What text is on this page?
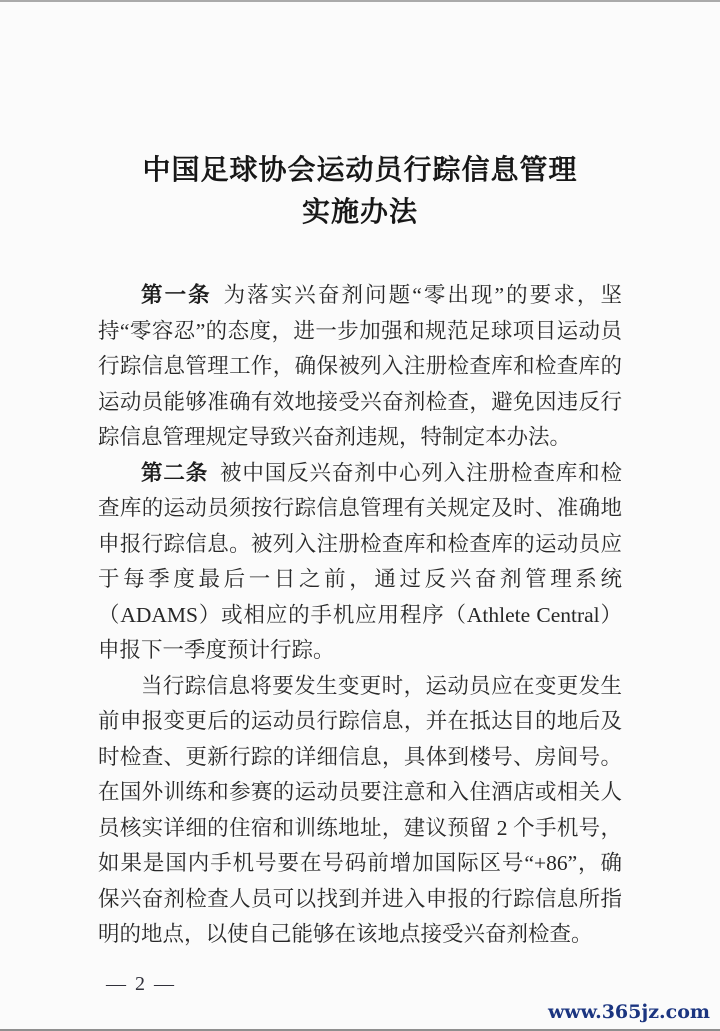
中国足球协会运动员行踪信息管理
实施办法

第一条 为落实兴奋剂问题“零出现”的要求，坚持“零容忍”的态度，进一步加强和规范足球项目运动员行踪信息管理工作，确保被列入注册检查库和检查库的运动员能够准确有效地接受兴奋剂检查，避免因违反行踪信息管理规定导致兴奋剂违规，特制定本办法。

第二条 被中国反兴奋剂中心列入注册检查库和检查库的运动员须按行踪信息管理有关规定及时、准确地申报行踪信息。被列入注册检查库和检查库的运动员应于每季度最后一日之前，通过反兴奋剂管理系统（ADAMS）或相应的手机应用程序（Athlete Central）申报下一季度预计行踪。

当行踪信息将要发生变更时，运动员应在变更发生前申报变更后的运动员行踪信息，并在抵达目的地后及时检查、更新行踪的详细信息，具体到楼号、房间号。在国外训练和参赛的运动员要注意和入住酒店或相关人员核实详细的住宿和训练地址，建议预留 2 个手机号，如果是国内手机号要在号码前增加国际区号“+86”，确保兴奋剂检查人员可以找到并进入申报的行踪信息所指明的地点，以使自己能够在该地点接受兴奋剂检查。

— 2 —
www.365jz.com
